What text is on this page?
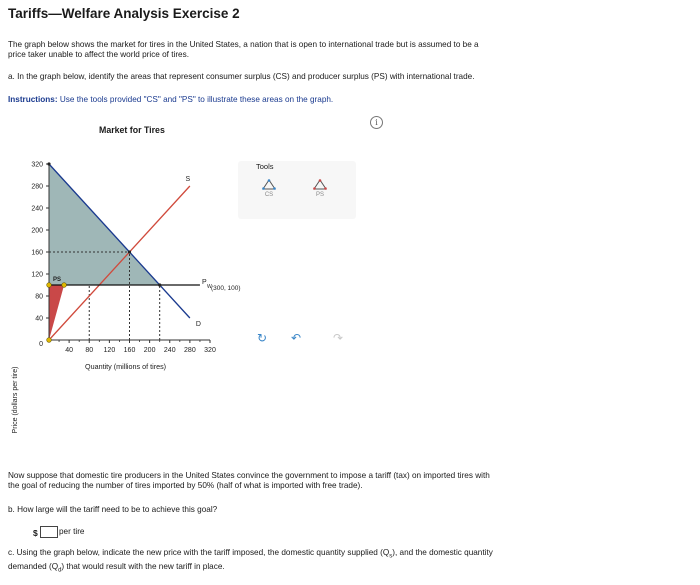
Tariffs—Welfare Analysis Exercise 2
The graph below shows the market for tires in the United States, a nation that is open to international trade but is assumed to be a
price taker unable to affect the world price of tires.
a. In the graph below, identify the areas that represent consumer surplus (CS) and producer surplus (PS) with international trade.
Instructions: Use the tools provided "CS" and "PS" to illustrate these areas on the graph.
Market for Tires
i
Price (dollars per tire)
40
80
120
160
200
240
280
320
40 80 120 160 200 240 280 320
0
S
D
P
W (300, 100)
PS
Quantity (millions of tires)
Tools
CS	PS
↻ ↶	↷
Now suppose that domestic tire producers in the United States convince the government to impose a tariff (tax) on imported tires with
the goal of reducing the number of tires imported by 50% (half of what is imported with free trade).
b. How large will the tariff need to be to achieve this goal?
$	per tire
c. Using the graph below, indicate the new price with the tariff imposed, the domestic quantity supplied $(Q_s)$, and the domestic quantity
demanded $(Q_d)$ that would result with the new tariff in place.
